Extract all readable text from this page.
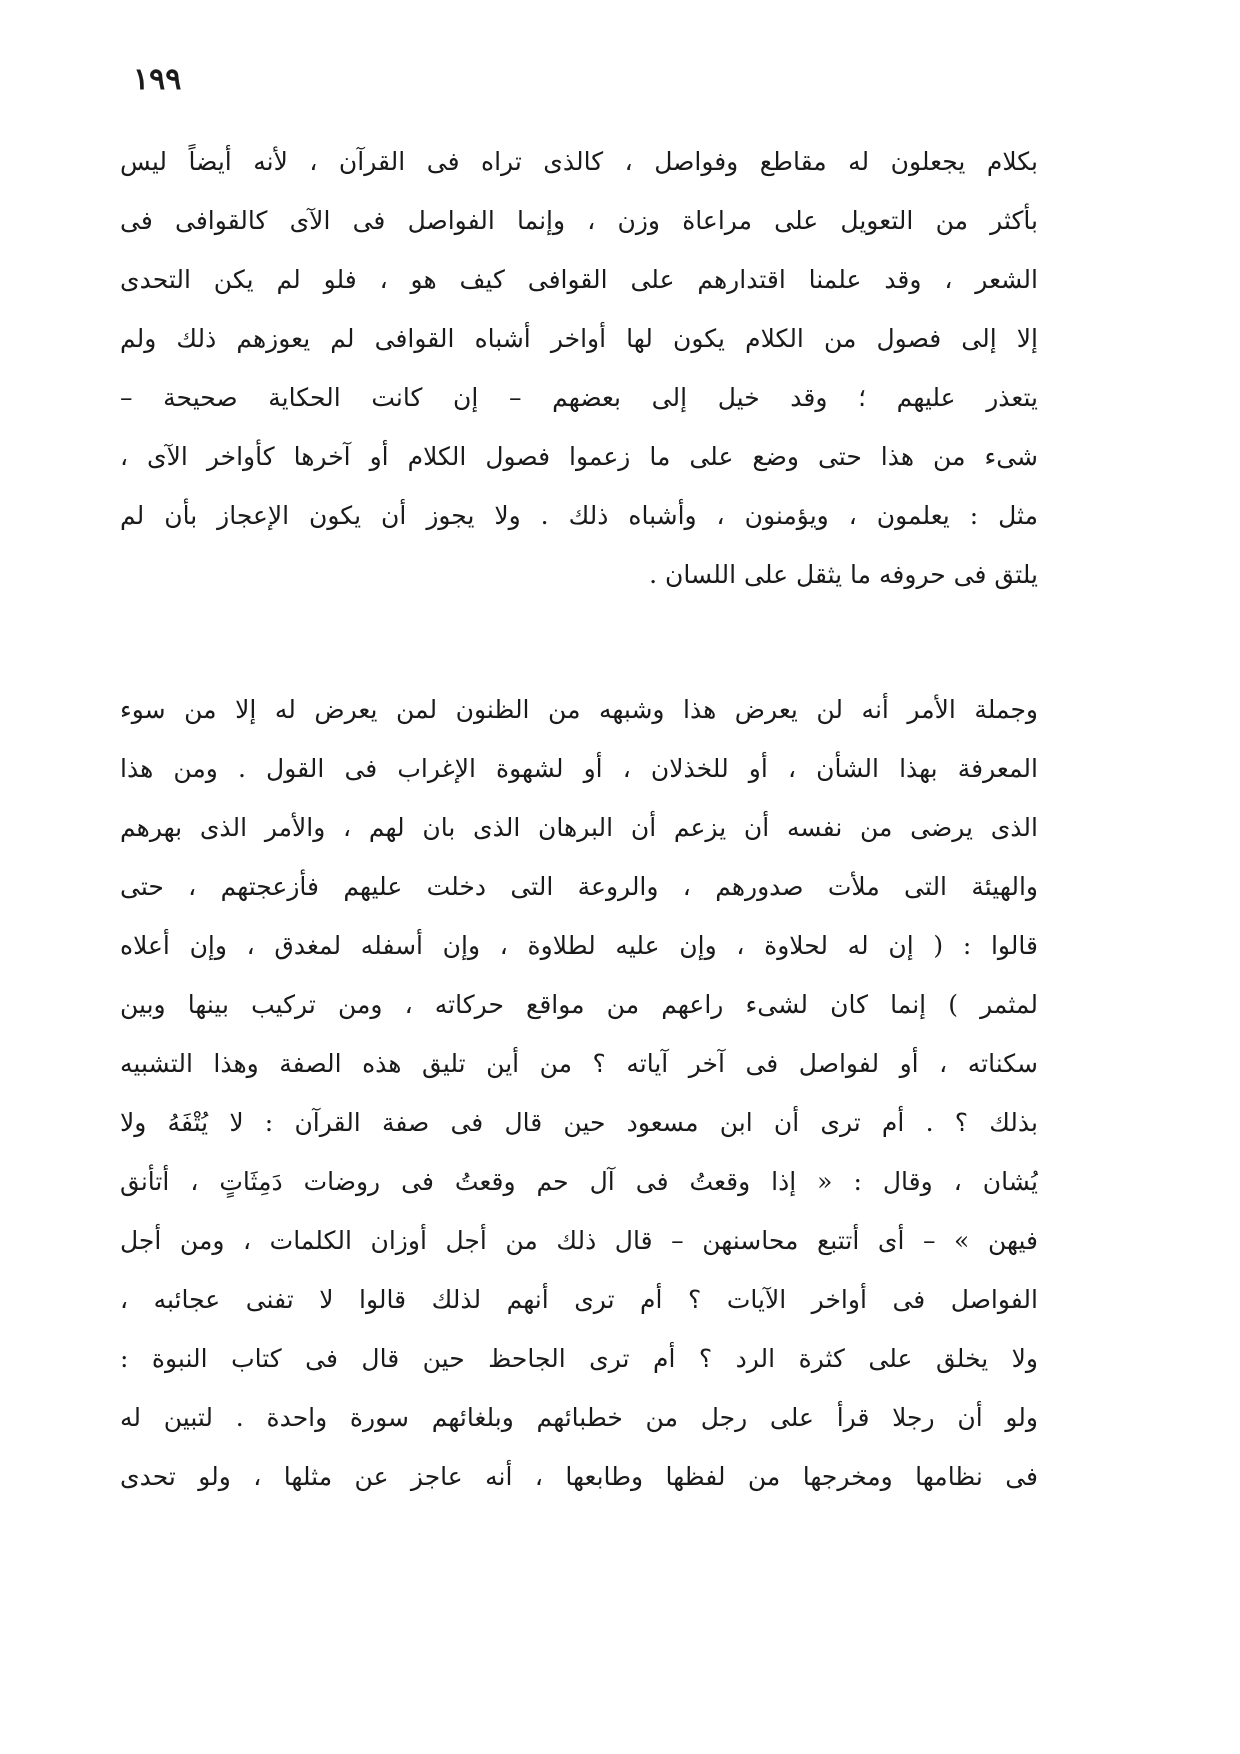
١٩٩
بكلام يجعلون له مقاطع وفواصل ، كالذى تراه فى القرآن ، لأنه أيضاً ليس
بأكثر من التعويل على مراعاة وزن ، وإنما الفواصل فى الآى كالقوافى فى
الشعر ، وقد علمنا اقتدارهم على القوافى كيف هو ، فلو لم يكن التحدى
إلا إلى فصول من الكلام يكون لها أواخر أشباه القوافى لم يعوزهم ذلك ولم
يتعذر عليهم ؛ وقد خيل إلى بعضهم – إن كانت الحكاية صحيحة –
شىء من هذا حتى وضع على ما زعموا فصول الكلام أو آخرها كأواخر الآى ،
مثل : يعلمون ، ويؤمنون ، وأشباه ذلك . ولا يجوز أن يكون الإعجاز بأن لم
يلتق فى حروفه ما يثقل على اللسان .
وجملة الأمر أنه لن يعرض هذا وشبهه من الظنون لمن يعرض له إلا من سوء
المعرفة بهذا الشأن ، أو للخذلان ، أو لشهوة الإغراب فى القول . ومن هذا
الذى يرضى من نفسه أن يزعم أن البرهان الذى بان لهم ، والأمر الذى بهرهم
والهيئة التى ملأت صدورهم ، والروعة التى دخلت عليهم فأزعجتهم ، حتى
قالوا : ( إن له لحلاوة ، وإن عليه لطلاوة ، وإن أسفله لمغدق ، وإن أعلاه
لمثمر ) إنما كان لشىء راعهم من مواقع حركاته ، ومن تركيب بينها وبين
سكناته ، أو لفواصل فى آخر آياته ؟ من أين تليق هذه الصفة وهذا التشبيه
بذلك ؟ . أم ترى أن ابن مسعود حين قال فى صفة القرآن : لا يُتْفَهُ ولا
يُشان ، وقال : « إذا وقعتُ فى آل حم وقعتُ فى روضات دَمِثَاتٍ ، أتأنق
فيهن » – أى أتتبع محاسنهن – قال ذلك من أجل أوزان الكلمات ، ومن أجل
الفواصل فى أواخر الآيات ؟ أم ترى أنهم لذلك قالوا لا تفنى عجائبه ،
ولا يخلق على كثرة الرد ؟ أم ترى الجاحظ حين قال فى كتاب النبوة :
ولو أن رجلا قرأ على رجل من خطبائهم وبلغائهم سورة واحدة . لتبين له
فى نظامها ومخرجها من لفظها وطابعها ، أنه عاجز عن مثلها ، ولو تحدى
